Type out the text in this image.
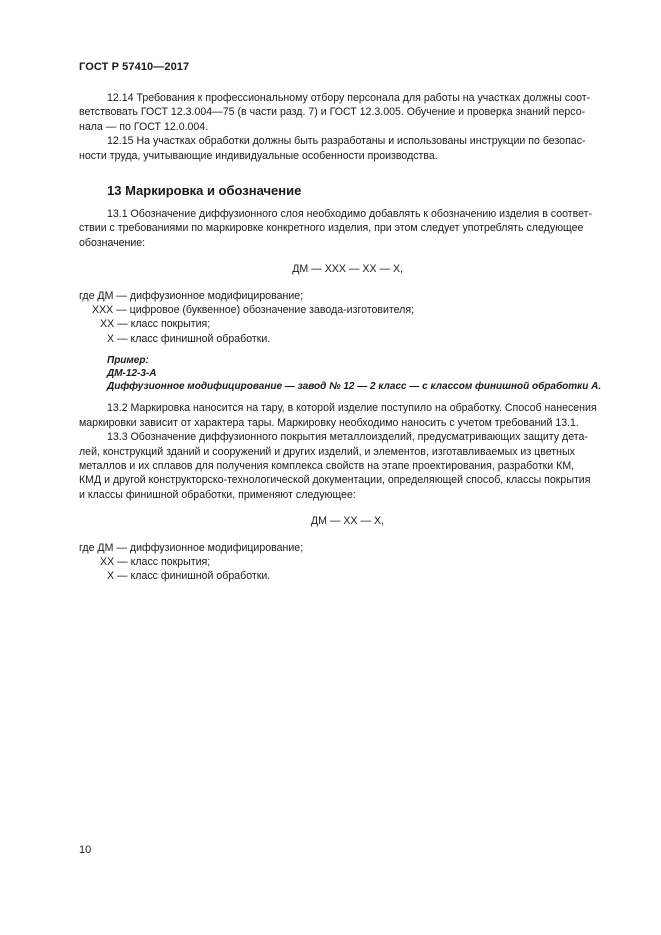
ГОСТ Р 57410—2017

12.14 Требования к профессиональному отбору персонала для работы на участках должны соот-

ветствовать ГОСТ 12.3.004—75 (в части разд. 7) и ГОСТ 12.3.005. Обучение и проверка знаний персо-

нала — по ГОСТ 12.0.004.

12.15 На участках обработки должны быть разработаны и использованы инструкции по безопас-

ности труда, учитывающие индивидуальные особенности производства.

13 Маркировка и обозначение

13.1 Обозначение диффузионного слоя необходимо добавлять к обозначению изделия в соответ-

ствии с требованиями по маркировке конкретного изделия, при этом следует употреблять следующее

обозначение:

ДМ — ХХХ — ХХ — Х,

где ДМ — диффузионное модифицирование;

ХХХ — цифровое (буквенное) обозначение завода-изготовителя;

ХХ — класс покрытия;

Х — класс финишной обработки.

Пример:

ДМ-12-3-А

Диффузионное модифицирование — завод № 12 — 2 класс — с классом финишной обработки А.

13.2 Маркировка наносится на тару, в которой изделие поступило на обработку. Способ нанесения

маркировки зависит от характера тары. Маркировку необходимо наносить с учетом требований 13.1.

13.3 Обозначение диффузионного покрытия металлоизделий, предусматривающих защиту дета-

лей, конструкций зданий и сооружений и других изделий, и элементов, изготавливаемых из цветных

металлов и их сплавов для получения комплекса свойств на этапе проектирования, разработки КМ,

КМД и другой конструкторско-технологической документации, определяющей способ, классы покрытия

и классы финишной обработки, применяют следующее:

ДМ — ХХ — Х,

где ДМ — диффузионное модифицирование;

ХХ — класс покрытия;

Х — класс финишной обработки.

10
